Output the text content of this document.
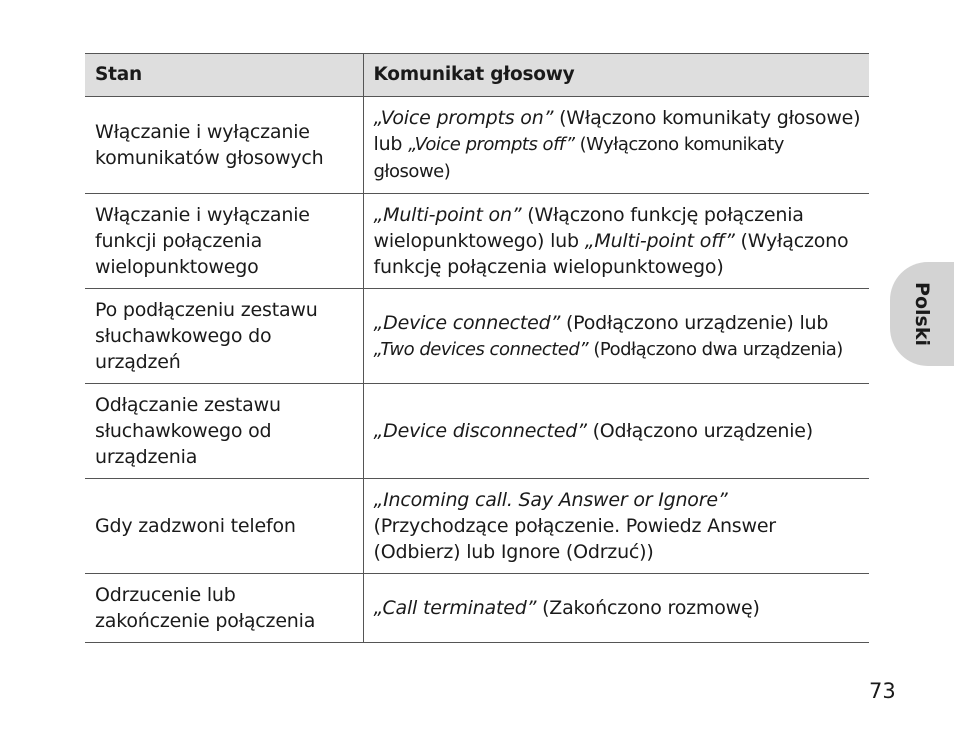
Stan	Komunikat głosowy
Włączanie i wyłączanie komunikatów głosowych	„Voice prompts on” (Włączono komunikaty głosowe) lub „Voice prompts off” (Wyłączono komunikaty głosowe)
Włączanie i wyłączanie funkcji połączenia wielopunktowego	„Multi-point on” (Włączono funkcję połączenia wielopunktowego) lub „Multi-point off” (Wyłączono funkcję połączenia wielopunktowego)
Po podłączeniu zestawu słuchawkowego do urządzeń	„Device connected” (Podłączono urządzenie) lub „Two devices connected” (Podłączono dwa urządzenia)
Odłączanie zestawu słuchawkowego od urządzenia	„Device disconnected” (Odłączono urządzenie)
Gdy zadzwoni telefon	„Incoming call. Say Answer or Ignore” (Przychodzące połączenie. Powiedz Answer (Odbierz) lub Ignore (Odrzuć))
Odrzucenie lub zakończenie połączenia	„Call terminated” (Zakończono rozmowę)
Polski
73
